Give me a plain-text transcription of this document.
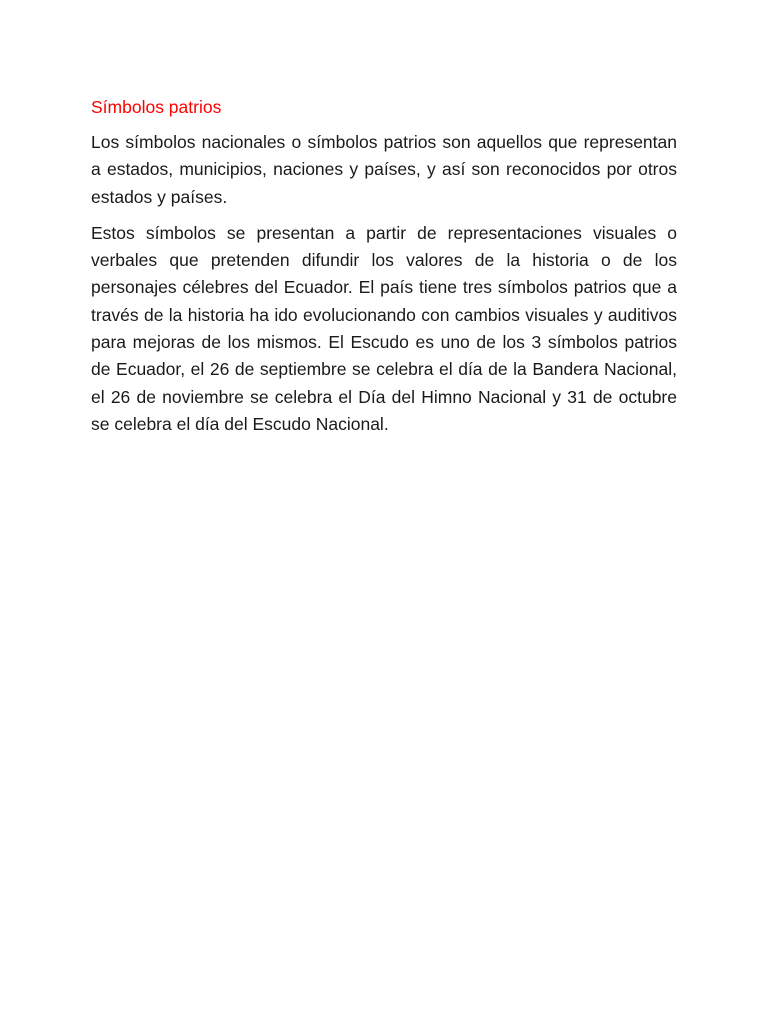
Símbolos patrios

Los símbolos nacionales o símbolos patrios son aquellos que representan a estados, municipios, naciones y países, y así son reconocidos por otros estados y países.

Estos símbolos se presentan a partir de representaciones visuales o verbales que pretenden difundir los valores de la historia o de los personajes célebres del Ecuador. El país tiene tres símbolos patrios que a través de la historia ha ido evolucionando con cambios visuales y auditivos para mejoras de los mismos. El Escudo es uno de los 3 símbolos patrios de Ecuador, el 26 de septiembre se celebra el día de la Bandera Nacional, el 26 de noviembre se celebra el Día del Himno Nacional y 31 de octubre se celebra el día del Escudo Nacional.
